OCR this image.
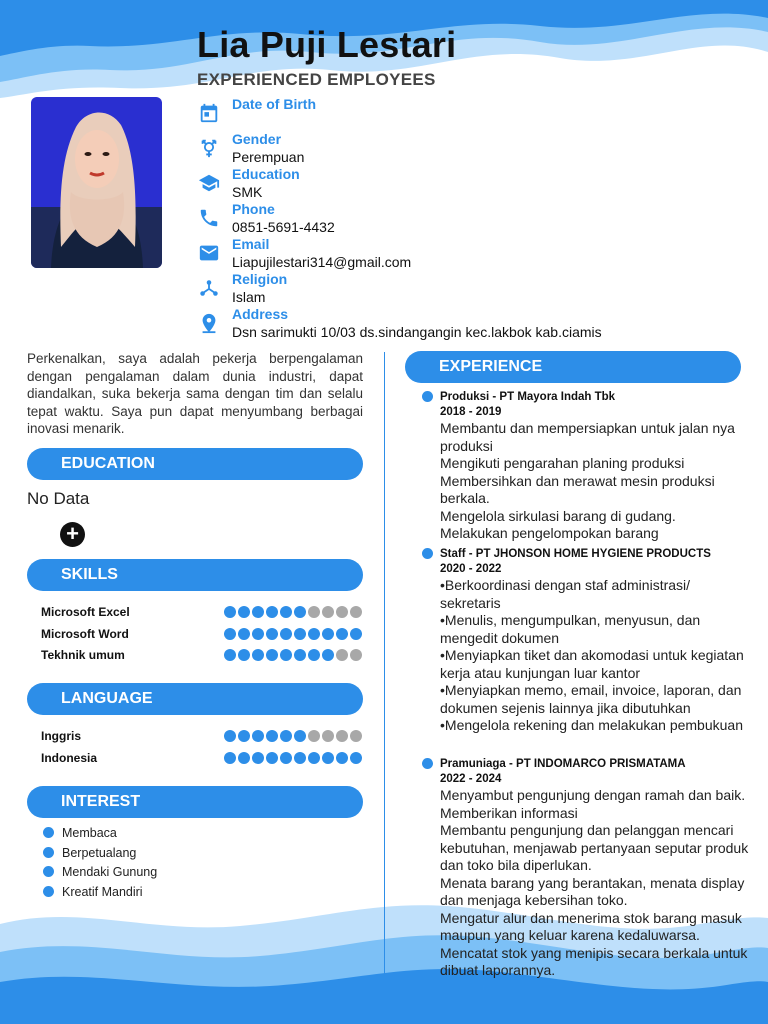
Lia Puji Lestari
EXPERIENCED EMPLOYEES
Date of Birth
Gender
Perempuan
Education
SMK
Phone
0851-5691-4432
Email
Liapujilestari314@gmail.com
Religion
Islam
Address
Dsn sarimukti 10/03 ds.sindangangin kec.lakbok kab.ciamis
Perkenalkan, saya adalah pekerja berpengalaman dengan pengalaman dalam dunia industri, dapat diandalkan, suka bekerja sama dengan tim dan selalu tepat waktu. Saya pun dapat menyumbang berbagai inovasi menarik.
EDUCATION
No Data
+
SKILLS
Microsoft Excel
Microsoft Word
Tekhnik umum
LANGUAGE
Inggris
Indonesia
INTEREST
Membaca
Berpetualang
Mendaki Gunung
Kreatif Mandiri
EXPERIENCE
Produksi - PT Mayora Indah Tbk
2018 - 2019
Membantu dan mempersiapkan untuk jalan nya produksi
Mengikuti pengarahan planing produksi
Membersihkan dan merawat mesin produksi berkala.
Mengelola sirkulasi barang di gudang.
Melakukan pengelompokan barang
Staff - PT JHONSON HOME HYGIENE PRODUCTS
2020 - 2022
•Berkoordinasi dengan staf administrasi/ sekretaris
•Menulis, mengumpulkan, menyusun, dan mengedit dokumen
•Menyiapkan tiket dan akomodasi untuk kegiatan kerja atau kunjungan luar kantor
•Menyiapkan memo, email, invoice, laporan, dan dokumen sejenis lainnya jika dibutuhkan
•Mengelola rekening dan melakukan pembukuan
Pramuniaga - PT INDOMARCO PRISMATAMA
2022 - 2024
Menyambut pengunjung dengan ramah dan baik.
Memberikan informasi
Membantu pengunjung dan pelanggan mencari kebutuhan, menjawab pertanyaan seputar produk dan toko bila diperlukan.
Menata barang yang berantakan, menata display dan menjaga kebersihan toko.
Mengatur alur dan menerima stok barang masuk maupun yang keluar karena kedaluwarsa.
Mencatat stok yang menipis secara berkala untuk dibuat laporannya.
